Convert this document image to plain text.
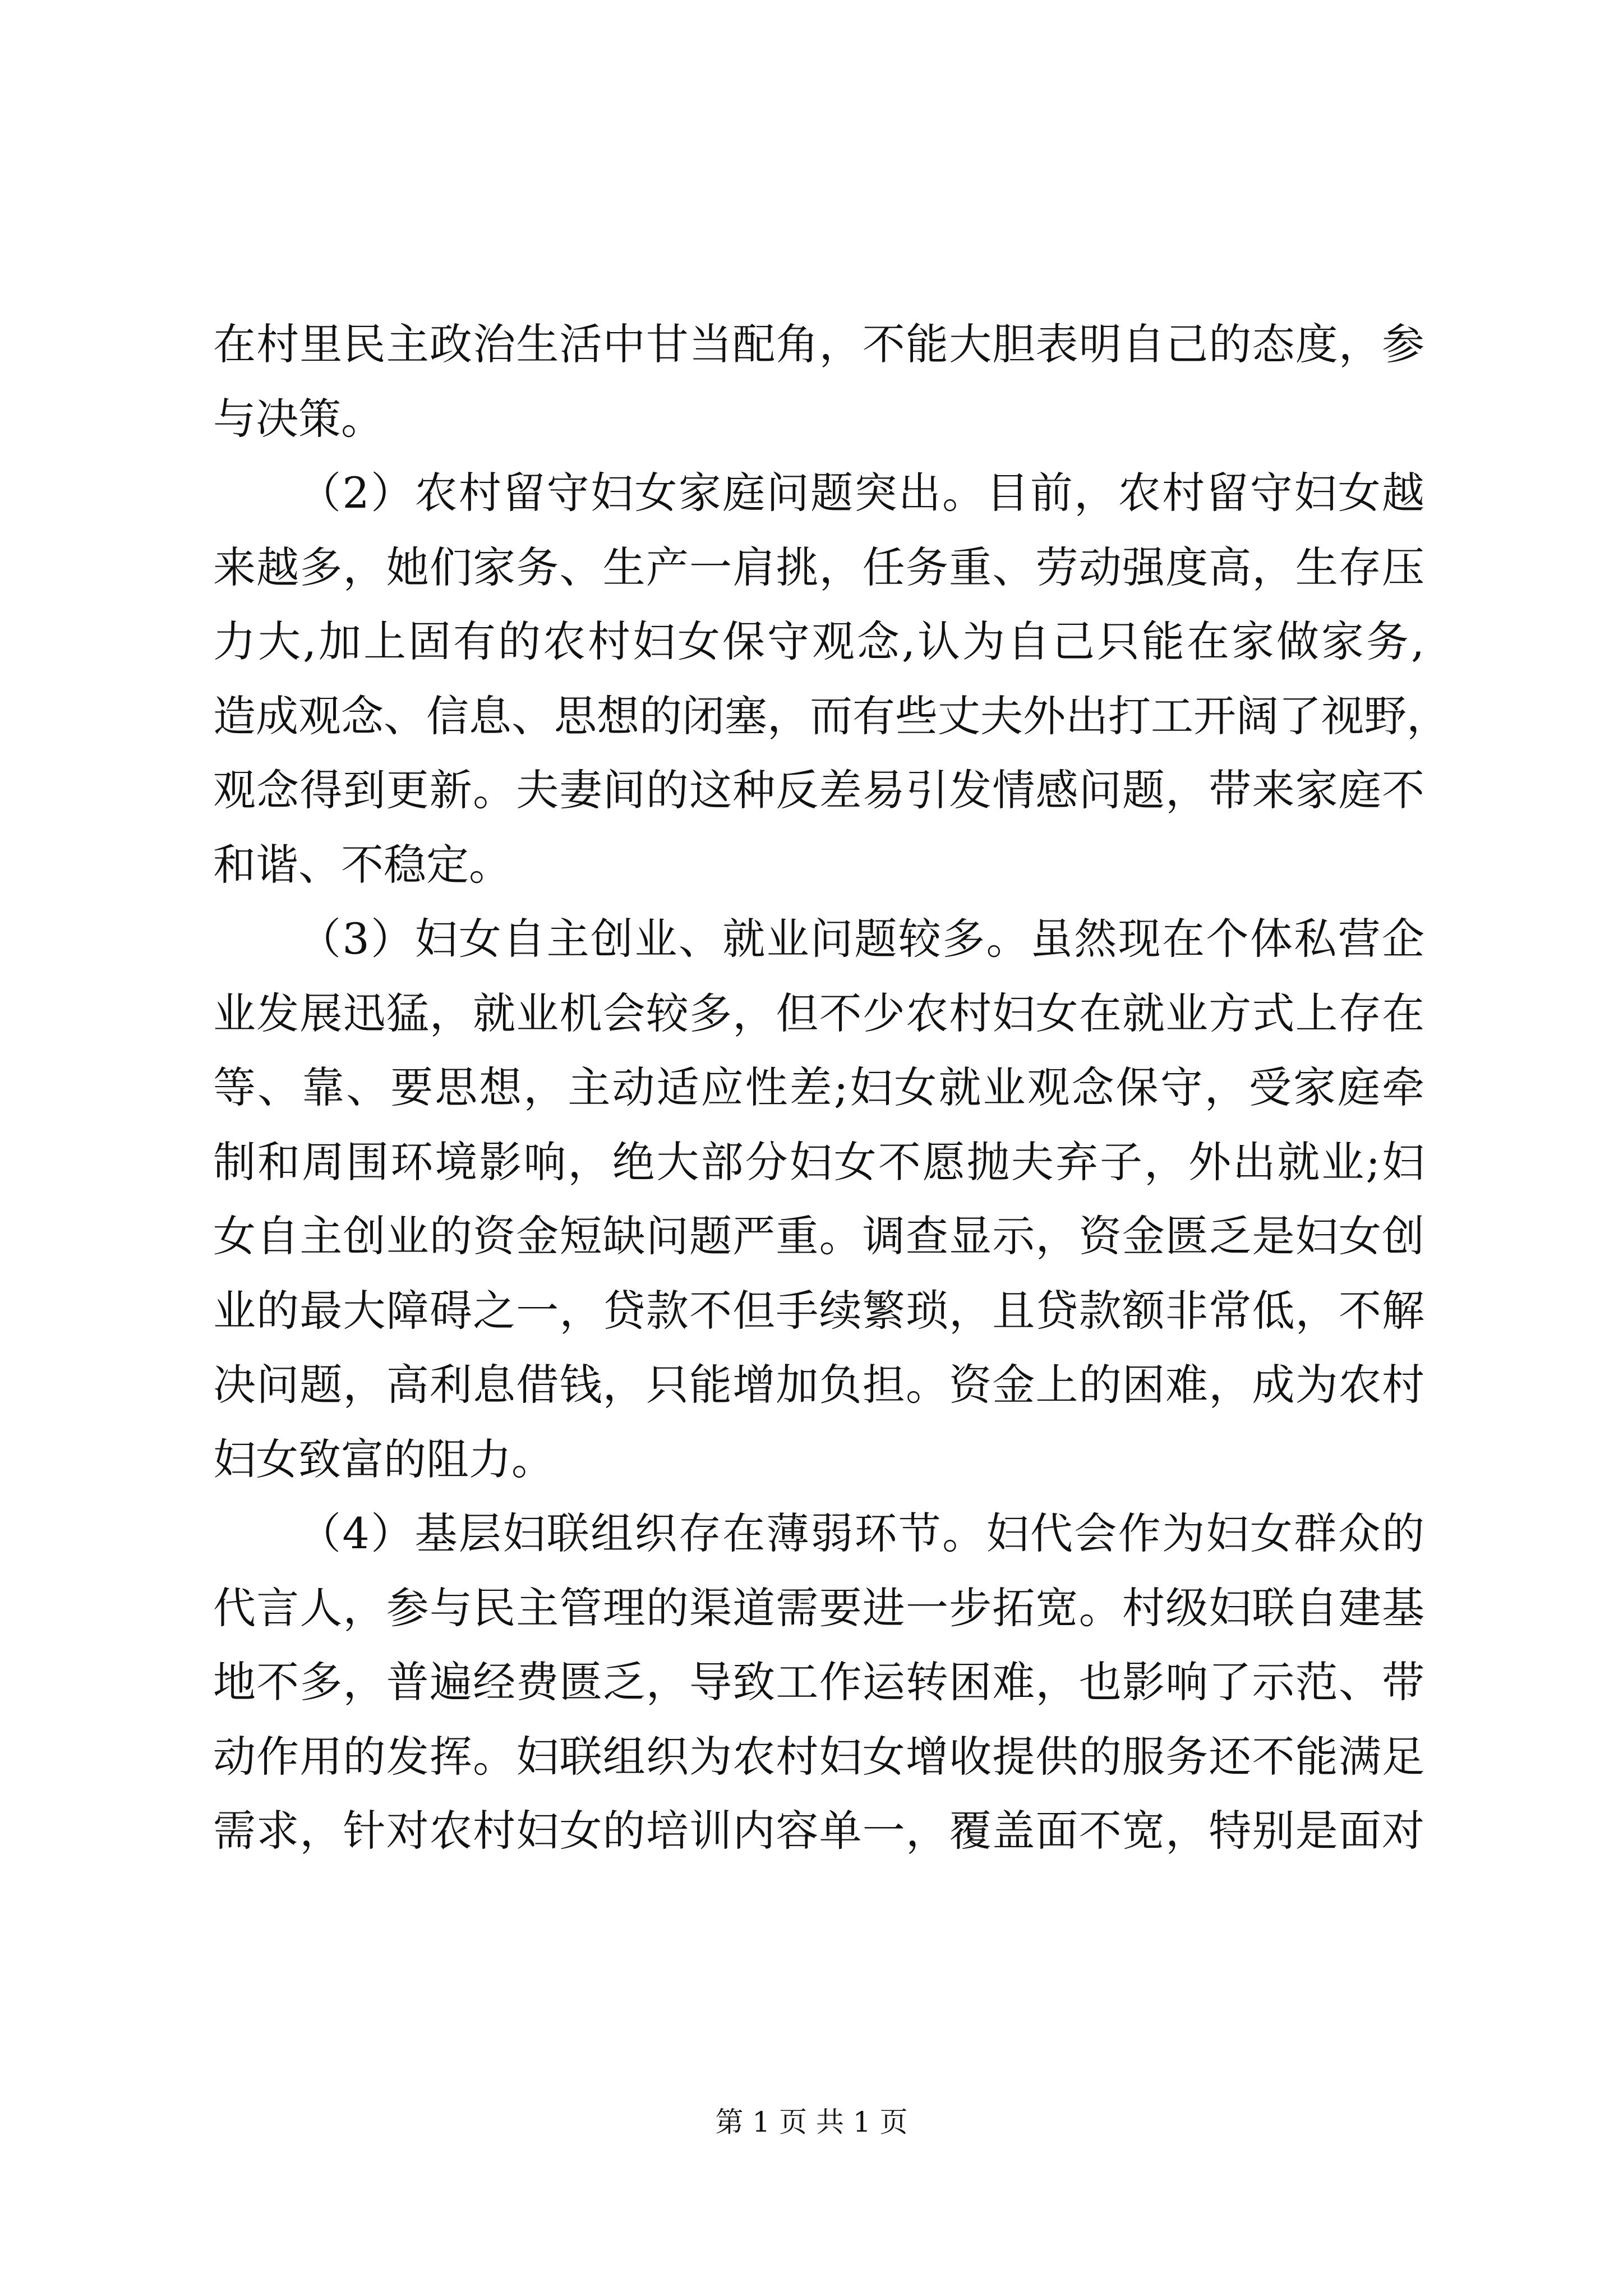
在村里民主政治生活中甘当配角，不能大胆表明自己的态度，参
与决策。
（2）农村留守妇女家庭问题突出。目前，农村留守妇女越
来越多，她们家务、生产一肩挑，任务重、劳动强度高，生存压
力大,加上固有的农村妇女保守观念,认为自己只能在家做家务,
造成观念、信息、思想的闭塞，而有些丈夫外出打工开阔了视野，
观念得到更新。夫妻间的这种反差易引发情感问题，带来家庭不
和谐、不稳定。
（3）妇女自主创业、就业问题较多。虽然现在个体私营企
业发展迅猛，就业机会较多，但不少农村妇女在就业方式上存在
等、靠、要思想，主动适应性差;妇女就业观念保守，受家庭牵
制和周围环境影响，绝大部分妇女不愿抛夫弃子，外出就业;妇
女自主创业的资金短缺问题严重。调查显示，资金匮乏是妇女创
业的最大障碍之一，贷款不但手续繁琐，且贷款额非常低，不解
决问题，高利息借钱，只能增加负担。资金上的困难，成为农村
妇女致富的阻力。
（4）基层妇联组织存在薄弱环节。妇代会作为妇女群众的
代言人，参与民主管理的渠道需要进一步拓宽。村级妇联自建基
地不多，普遍经费匮乏，导致工作运转困难，也影响了示范、带
动作用的发挥。妇联组织为农村妇女增收提供的服务还不能满足
需求，针对农村妇女的培训内容单一，覆盖面不宽，特别是面对
第 1 页 共 1 页
